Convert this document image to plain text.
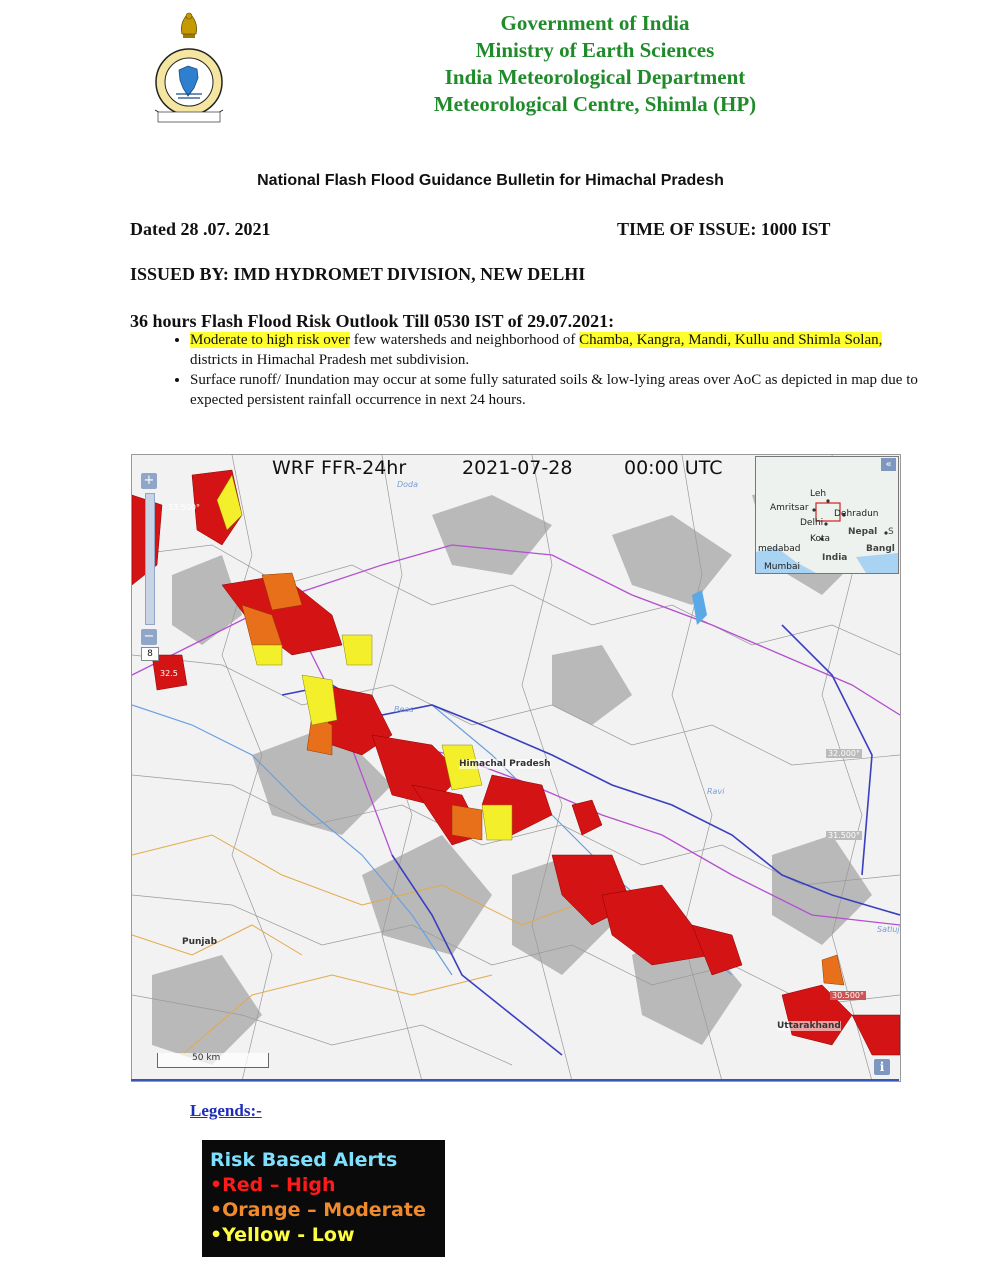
Government of India
Ministry of Earth Sciences
India Meteorological Department
Meteorological Centre, Shimla (HP)
National Flash Flood Guidance Bulletin for Himachal Pradesh
Dated 28 .07. 2021	TIME OF ISSUE: 1000 IST
ISSUED BY: IMD HYDROMET DIVISION, NEW DELHI
36 hours Flash Flood Risk Outlook Till 0530 IST of 29.07.2021:
• Moderate to high risk over few watersheds and neighborhood of Chamba, Kangra, Mandi, Kullu and Shimla Solan, districts in Himachal Pradesh met subdivision.
• Surface runoff/ Inundation may occur at some fully saturated soils & low-lying areas over AoC as depicted in map due to expected persistent rainfall occurrence in next 24 hours.
WRF FFR-24hr	2021-07-28	00:00 UTC
Himachal Pradesh
Punjab
Uttarakhand
32.000°
31.500°
30.500°
32.5
33.500°
Beas
Ravi
Satluj
Doda
+
−
8
50 km
i
Leh
Amritsar
Dehradun
Delhi
Nepal S
Kota
medabad
India
Bangl
Mumbai
«
Legends:-
Risk Based Alerts
•Red – High
•Orange – Moderate
•Yellow - Low
